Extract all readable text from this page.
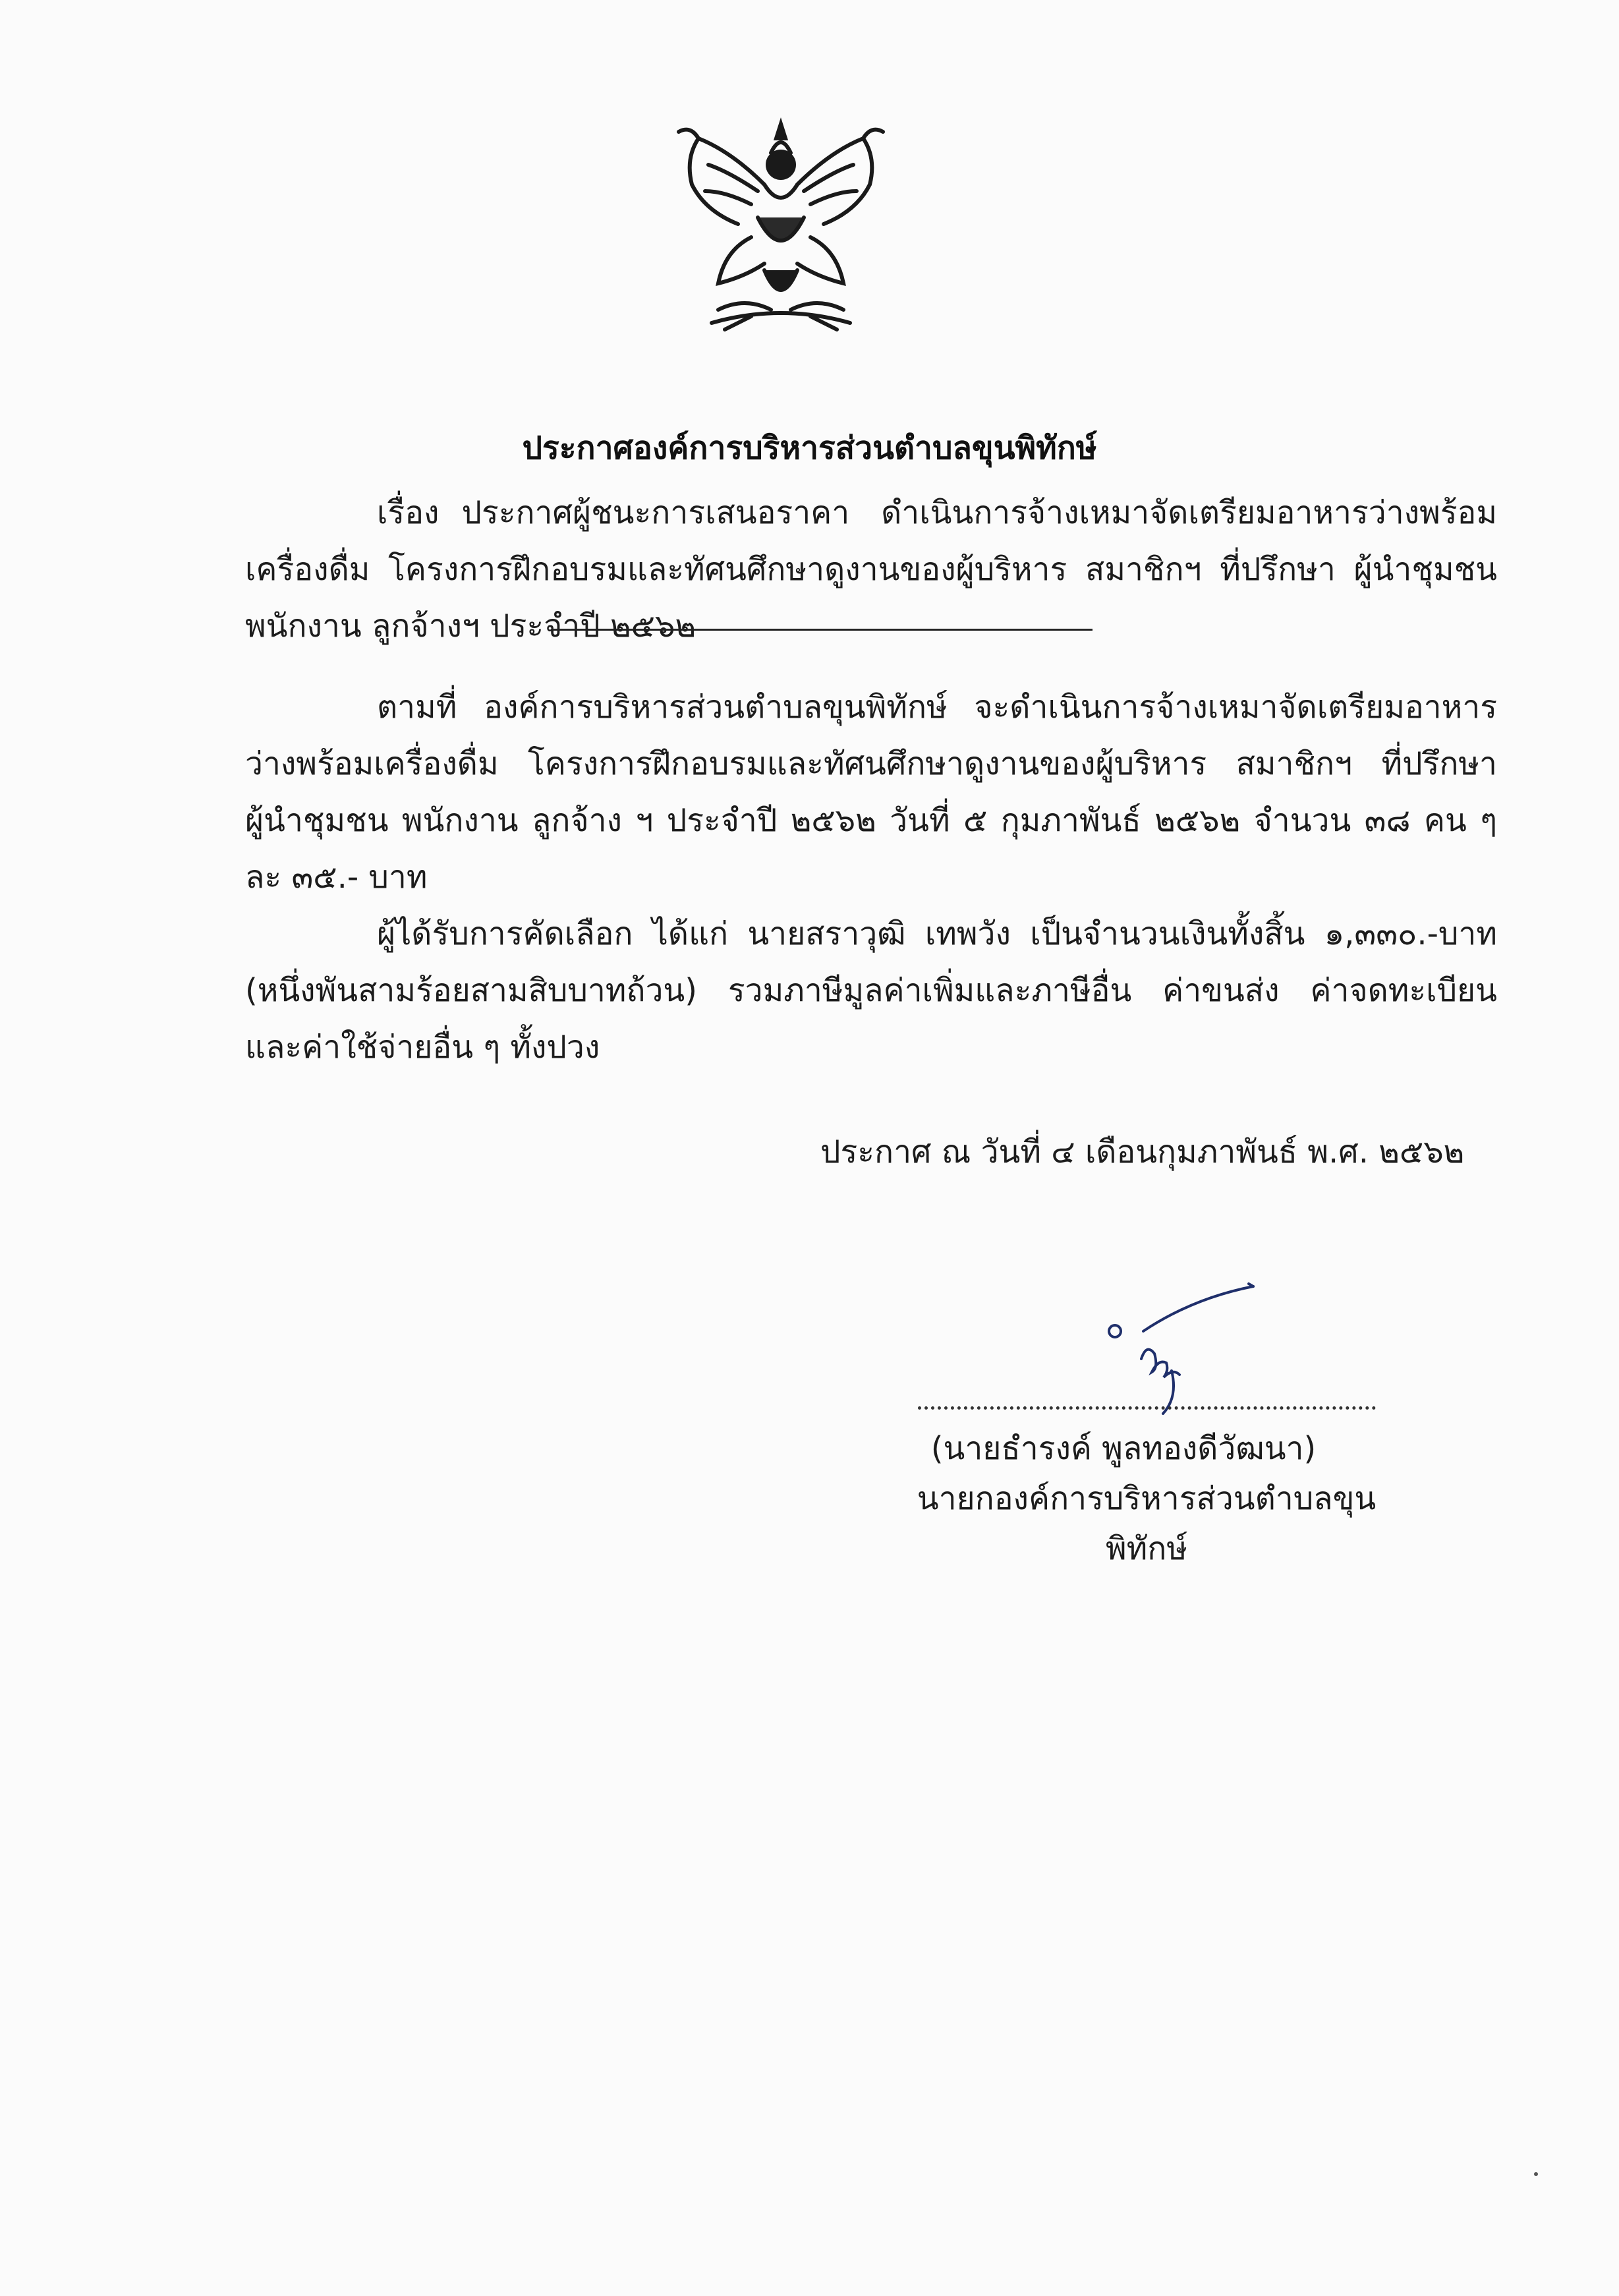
ประกาศองค์การบริหารส่วนตำบลขุนพิทักษ์
เรื่อง ประกาศผู้ชนะการเสนอราคา ดำเนินการจ้างเหมาจัดเตรียมอาหารว่างพร้อมเครื่องดื่ม โครงการฝึกอบรมและทัศนศึกษาดูงานของผู้บริหาร สมาชิกฯ ที่ปรึกษา ผู้นำชุมชน พนักงาน ลูกจ้างฯ ประจำปี ๒๕๖๒

ตามที่ องค์การบริหารส่วนตำบลขุนพิทักษ์ จะดำเนินการจ้างเหมาจัดเตรียมอาหารว่างพร้อมเครื่องดื่ม โครงการฝึกอบรมและทัศนศึกษาดูงานของผู้บริหาร สมาชิกฯ ที่ปรึกษา ผู้นำชุมชน พนักงาน ลูกจ้าง ฯ ประจำปี ๒๕๖๒ วันที่ ๕ กุมภาพันธ์ ๒๕๖๒ จำนวน ๓๘ คน ๆ ละ ๓๕.- บาท

ผู้ได้รับการคัดเลือก ได้แก่ นายสราวุฒิ เทพวัง เป็นจำนวนเงินทั้งสิ้น ๑,๓๓๐.-บาท (หนึ่งพันสามร้อยสามสิบบาทถ้วน) รวมภาษีมูลค่าเพิ่มและภาษีอื่น ค่าขนส่ง ค่าจดทะเบียน และค่าใช้จ่ายอื่น ๆ ทั้งปวง

ประกาศ ณ วันที่ ๔ เดือนกุมภาพันธ์ พ.ศ. ๒๕๖๒
(นายธำรงค์ พูลทองดีวัฒนา)
นายกองค์การบริหารส่วนตำบลขุนพิทักษ์
